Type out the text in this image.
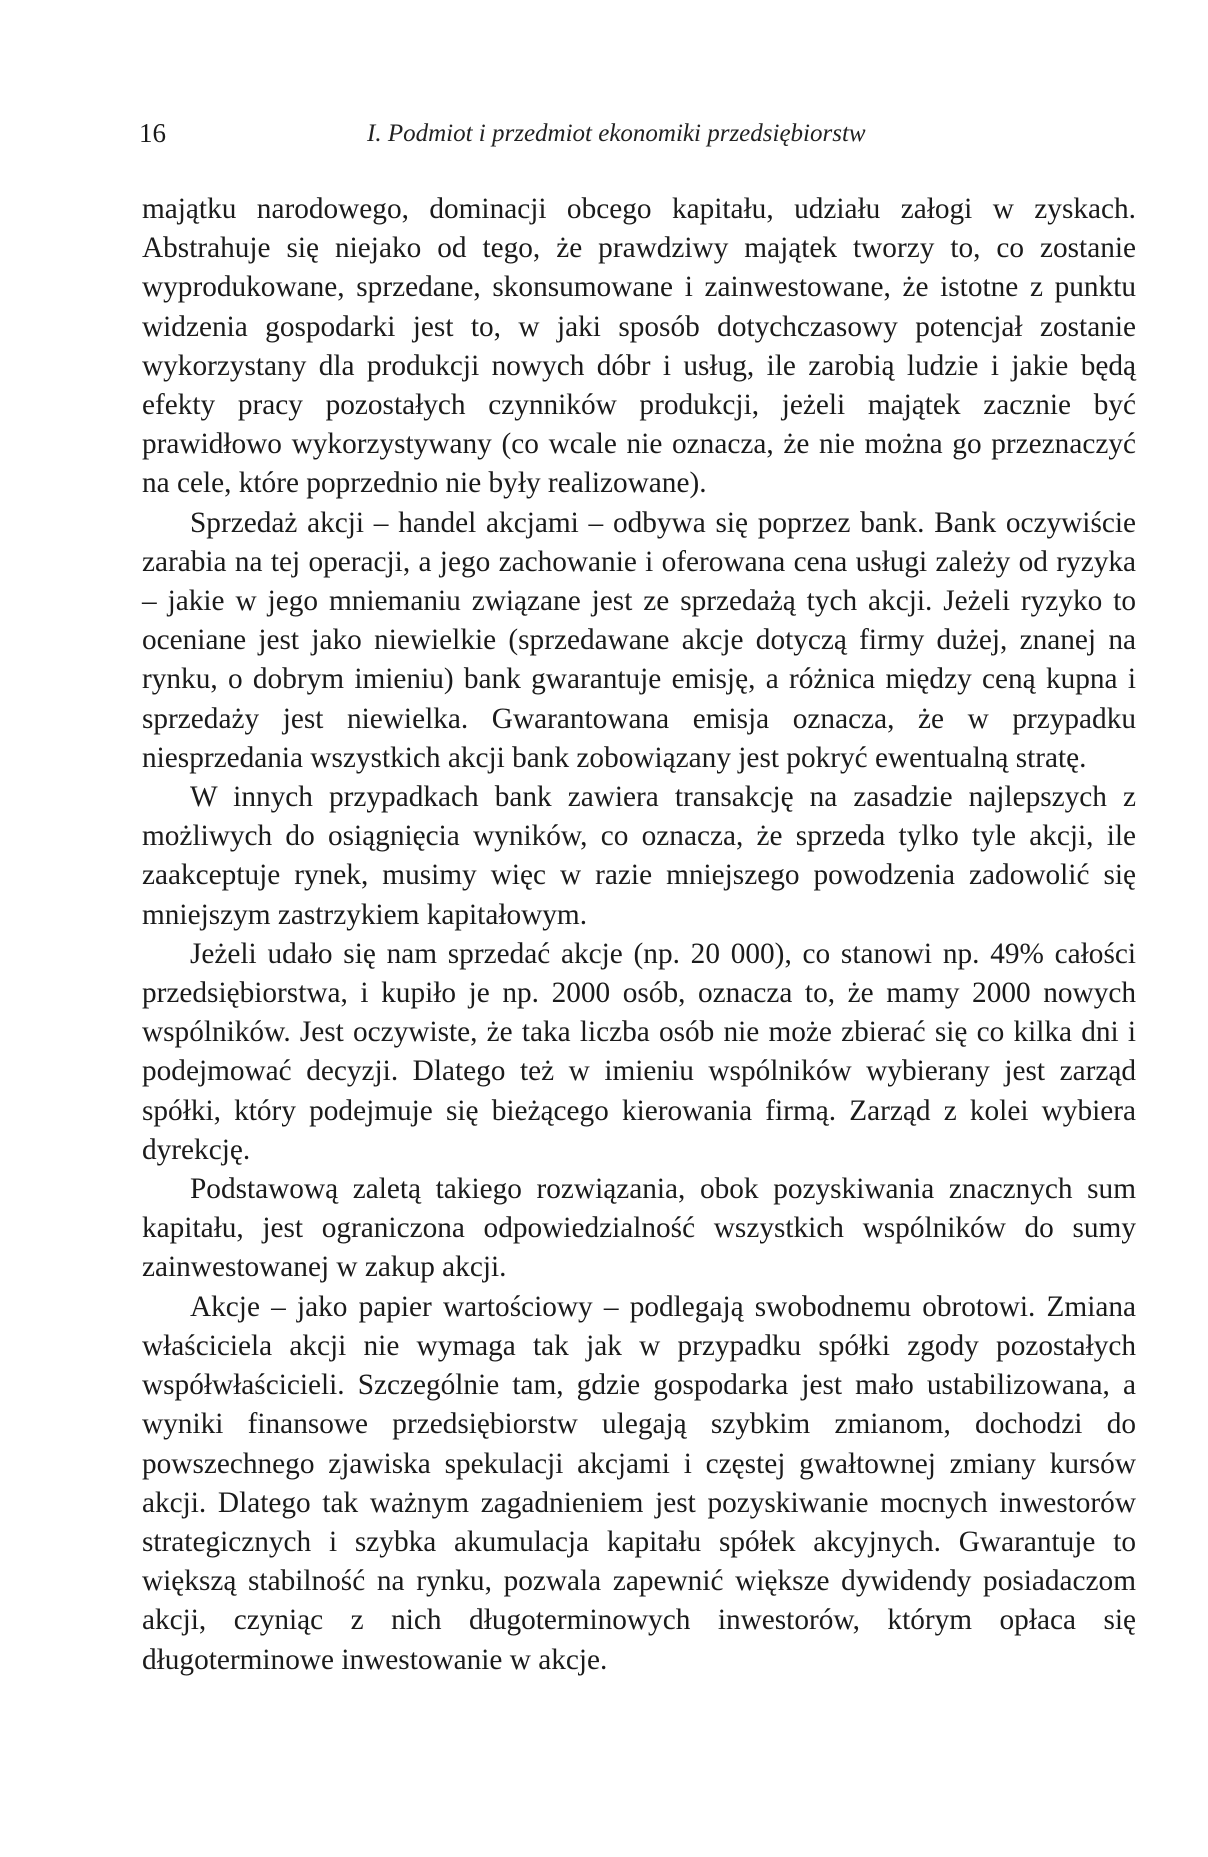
16	I. Podmiot i przedmiot ekonomiki przedsiębiorstw

majątku narodowego, dominacji obcego kapitału, udziału załogi w zyskach. Abstrahuje się niejako od tego, że prawdziwy majątek tworzy to, co zostanie wyprodukowane, sprzedane, skonsumowane i zainwestowane, że istotne z punktu widzenia gospodarki jest to, w jaki sposób dotychczasowy potencjał zostanie wykorzystany dla produkcji nowych dóbr i usług, ile zarobią ludzie i jakie będą efekty pracy pozostałych czynników produkcji, jeżeli majątek zacznie być prawidłowo wykorzystywany (co wcale nie oznacza, że nie można go przeznaczyć na cele, które poprzednio nie były realizowane).

Sprzedaż akcji – handel akcjami – odbywa się poprzez bank. Bank oczywiście zarabia na tej operacji, a jego zachowanie i oferowana cena usługi zależy od ryzyka – jakie w jego mniemaniu związane jest ze sprzedażą tych akcji. Jeżeli ryzyko to oceniane jest jako niewielkie (sprzedawane akcje dotyczą firmy dużej, znanej na rynku, o dobrym imieniu) bank gwarantuje emisję, a różnica między ceną kupna i sprzedaży jest niewielka. Gwarantowana emisja oznacza, że w przypadku niesprzedania wszystkich akcji bank zobowiązany jest pokryć ewentualną stratę.

W innych przypadkach bank zawiera transakcję na zasadzie najlepszych z możliwych do osiągnięcia wyników, co oznacza, że sprzeda tylko tyle akcji, ile zaakceptuje rynek, musimy więc w razie mniejszego powodzenia zadowolić się mniejszym zastrzykiem kapitałowym.

Jeżeli udało się nam sprzedać akcje (np. 20 000), co stanowi np. 49% całości przedsiębiorstwa, i kupiło je np. 2000 osób, oznacza to, że mamy 2000 nowych wspólników. Jest oczywiste, że taka liczba osób nie może zbierać się co kilka dni i podejmować decyzji. Dlatego też w imieniu wspólników wybierany jest zarząd spółki, który podejmuje się bieżącego kierowania firmą. Zarząd z kolei wybiera dyrekcję.

Podstawową zaletą takiego rozwiązania, obok pozyskiwania znacznych sum kapitału, jest ograniczona odpowiedzialność wszystkich wspólników do sumy zainwestowanej w zakup akcji.

Akcje – jako papier wartościowy – podlegają swobodnemu obrotowi. Zmiana właściciela akcji nie wymaga tak jak w przypadku spółki zgody pozostałych współwłaścicieli. Szczególnie tam, gdzie gospodarka jest mało ustabilizowana, a wyniki finansowe przedsiębiorstw ulegają szybkim zmianom, dochodzi do powszechnego zjawiska spekulacji akcjami i częstej gwałtownej zmiany kursów akcji. Dlatego tak ważnym zagadnieniem jest pozyskiwanie mocnych inwestorów strategicznych i szybka akumulacja kapitału spółek akcyjnych. Gwarantuje to większą stabilność na rynku, pozwala zapewnić większe dywidendy posiadaczom akcji, czyniąc z nich długoterminowych inwestorów, którym opłaca się długoterminowe inwestowanie w akcje.
